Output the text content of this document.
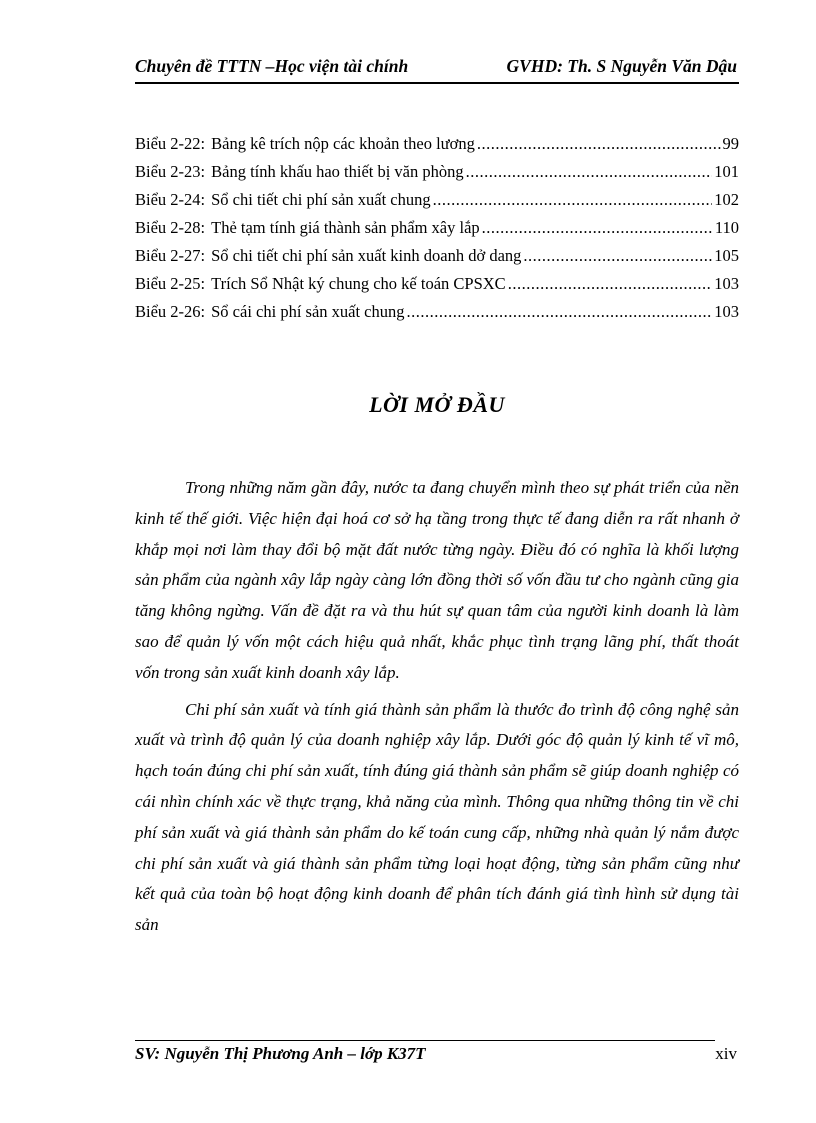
Chuyên đề TTTN –Học viện tài chính	GVHD: Th. S Nguyễn Văn Dậu
Biểu 2-22: Bảng kê trích nộp các khoản theo lương .....	99
Biểu 2-23: Bảng tính khấu hao thiết bị văn phòng .....	101
Biểu 2-24: Sổ chi tiết chi phí sản xuất chung .....	102
Biểu 2-28: Thẻ tạm tính giá thành sản phẩm xây lắp .....	110
Biểu 2-27: Sổ chi tiết chi phí sản xuất kinh doanh dở dang .....	105
Biểu 2-25: Trích Sổ Nhật ký chung cho kế toán CPSXC .....	103
Biểu 2-26: Sổ cái chi phí sản xuất chung .....	103
LỜI MỞ ĐẦU

Trong những năm gần đây, nước ta đang chuyển mình theo sự phát triển của nền kinh tế thế giới. Việc hiện đại hoá cơ sở hạ tầng trong thực tế đang diễn ra rất nhanh ở khắp mọi nơi làm thay đổi bộ mặt đất nước từng ngày. Điều đó có nghĩa là khối lượng sản phẩm của ngành xây lắp ngày càng lớn đồng thời số vốn đầu tư cho ngành cũng gia tăng không ngừng. Vấn đề đặt ra và thu hút sự quan tâm của người kinh doanh là làm sao để quản lý vốn một cách hiệu quả nhất, khắc phục tình trạng lãng phí, thất thoát vốn trong sản xuất kinh doanh xây lắp.

Chi phí sản xuất và tính giá thành sản phẩm là thước đo trình độ công nghệ sản xuất và trình độ quản lý của doanh nghiệp xây lắp. Dưới góc độ quản lý kinh tế vĩ mô, hạch toán đúng chi phí sản xuất, tính đúng giá thành sản phẩm sẽ giúp doanh nghiệp có cái nhìn chính xác về thực trạng, khả năng của mình. Thông qua những thông tin về chi phí sản xuất và giá thành sản phẩm do kế toán cung cấp, những nhà quản lý nắm được chi phí sản xuất và giá thành sản phẩm từng loại hoạt động, từng sản phẩm cũng như kết quả của toàn bộ hoạt động kinh doanh để phân tích đánh giá tình hình sử dụng tài sản

SV: Nguyễn Thị Phương Anh – lớp K37T	xiv
